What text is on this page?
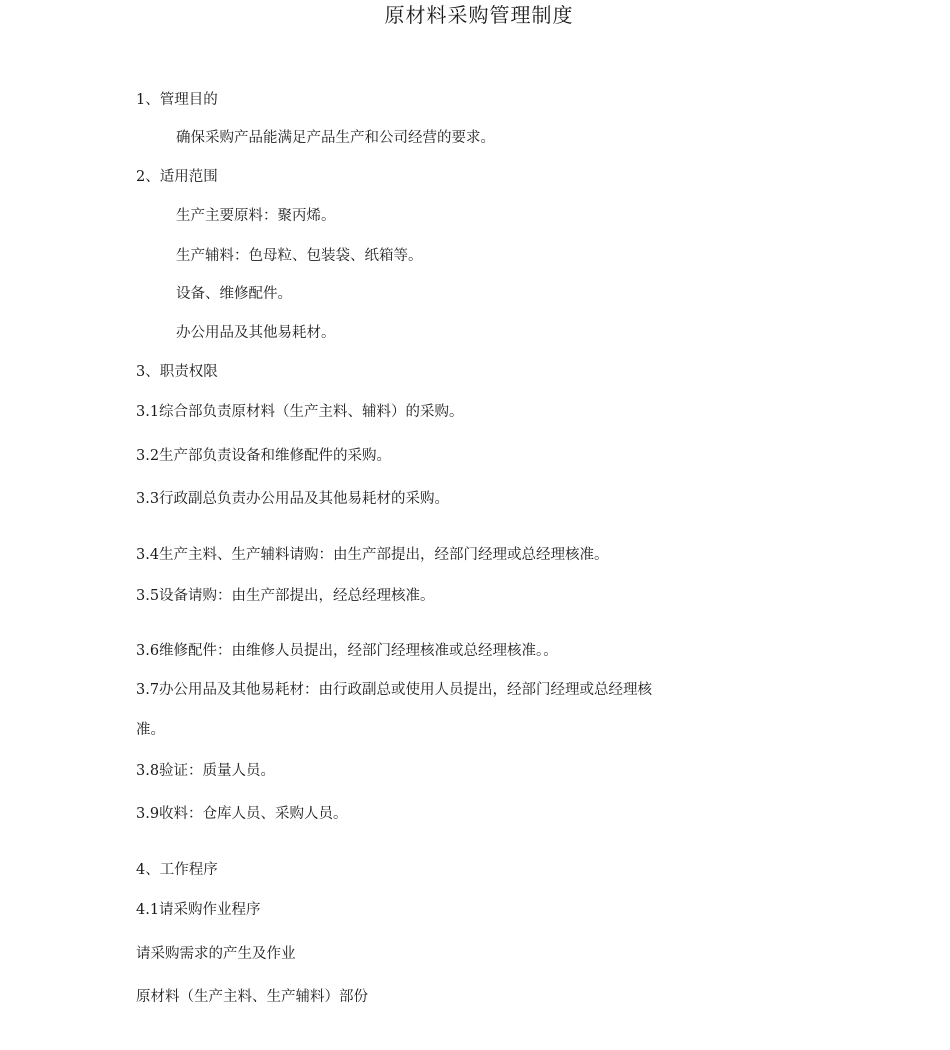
原材料采购管理制度
1、管理目的
确保采购产品能满足产品生产和公司经营的要求。
2、适用范围
生产主要原料：聚丙烯。
生产辅料：色母粒、包装袋、纸箱等。
设备、维修配件。
办公用品及其他易耗材。
3、职责权限
3.1综合部负责原材料（生产主料、辅料）的采购。
3.2生产部负责设备和维修配件的采购。
3.3行政副总负责办公用品及其他易耗材的采购。
3.4生产主料、生产辅料请购：由生产部提出，经部门经理或总经理核准。
3.5设备请购：由生产部提出，经总经理核准。
3.6维修配件：由维修人员提出，经部门经理核准或总经理核准。。
3.7办公用品及其他易耗材：由行政副总或使用人员提出，经部门经理或总经理核
准。
3.8验证：质量人员。
3.9收料：仓库人员、采购人员。
4、工作程序
4.1请采购作业程序
请采购需求的产生及作业
原材料（生产主料、生产辅料）部份
